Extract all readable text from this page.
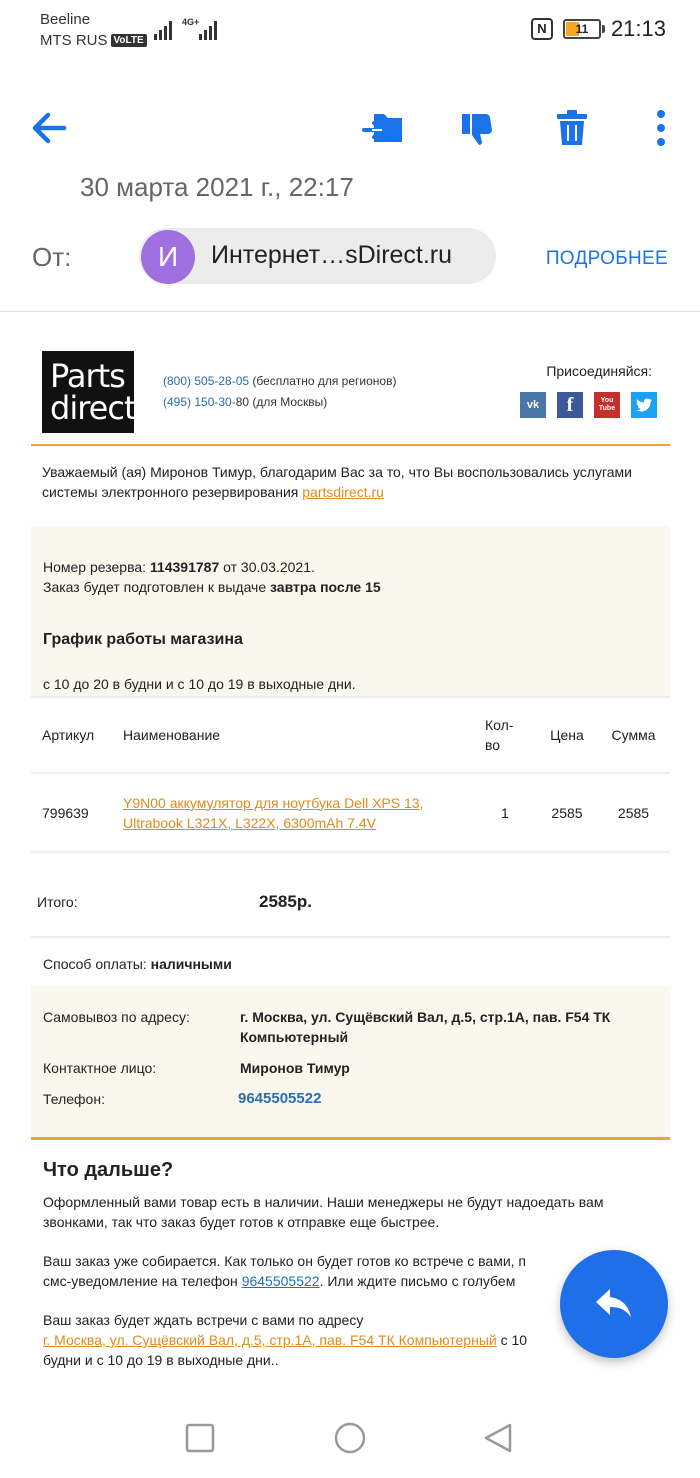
Beeline
MTS RUS VoLTE
4G+	N	11	21:13
30 марта 2021 г., 22:17
От:	И	Интернет…sDirect.ru	ПОДРОБНЕЕ
Parts
direct
(800) 505-28-05 (бесплатно для регионов)
(495) 150-30-80 (для Москвы)
Присоединяйся:
vk	f	You
Tube
Уважаемый (ая) Миронов Тимур, благодарим Вас за то, что Вы воспользовались услугами системы электронного резервирования partsdirect.ru
Номер резерва: 114391787 от 30.03.2021.
Заказ будет подготовлен к выдаче завтра после 15
График работы магазина
с 10 до 20 в будни и с 10 до 19 в выходные дни.
Артикул	Наименование	Кол-
во	Цена	Сумма
799639	Y9N00 аккумулятор для ноутбука Dell XPS 13, Ultrabook L321X, L322X, 6300mAh 7.4V	1	2585	2585
Итого:	2585р.
Способ оплаты: наличными
Самовывоз по адресу:	г. Москва, ул. Сущёвский Вал, д.5, стр.1А, пав. F54 ТК Компьютерный
Контактное лицо:	Миронов Тимур
Телефон:	9645505522
Что дальше?

Оформленный вами товар есть в наличии. Наши менеджеры не будут надоедать вам звонками, так что заказ будет готов к отправке еще быстрее.

Ваш заказ уже собирается. Как только он будет готов ко встрече с вами, п
смс-уведомление на телефон 9645505522. Или ждите письмо с голубем

Ваш заказ будет ждать встречи с вами по адресу
г. Москва, ул. Сущёвский Вал, д.5, стр.1А, пав. F54 ТК Компьютерный с 10
будни и с 10 до 19 в выходные дни..
